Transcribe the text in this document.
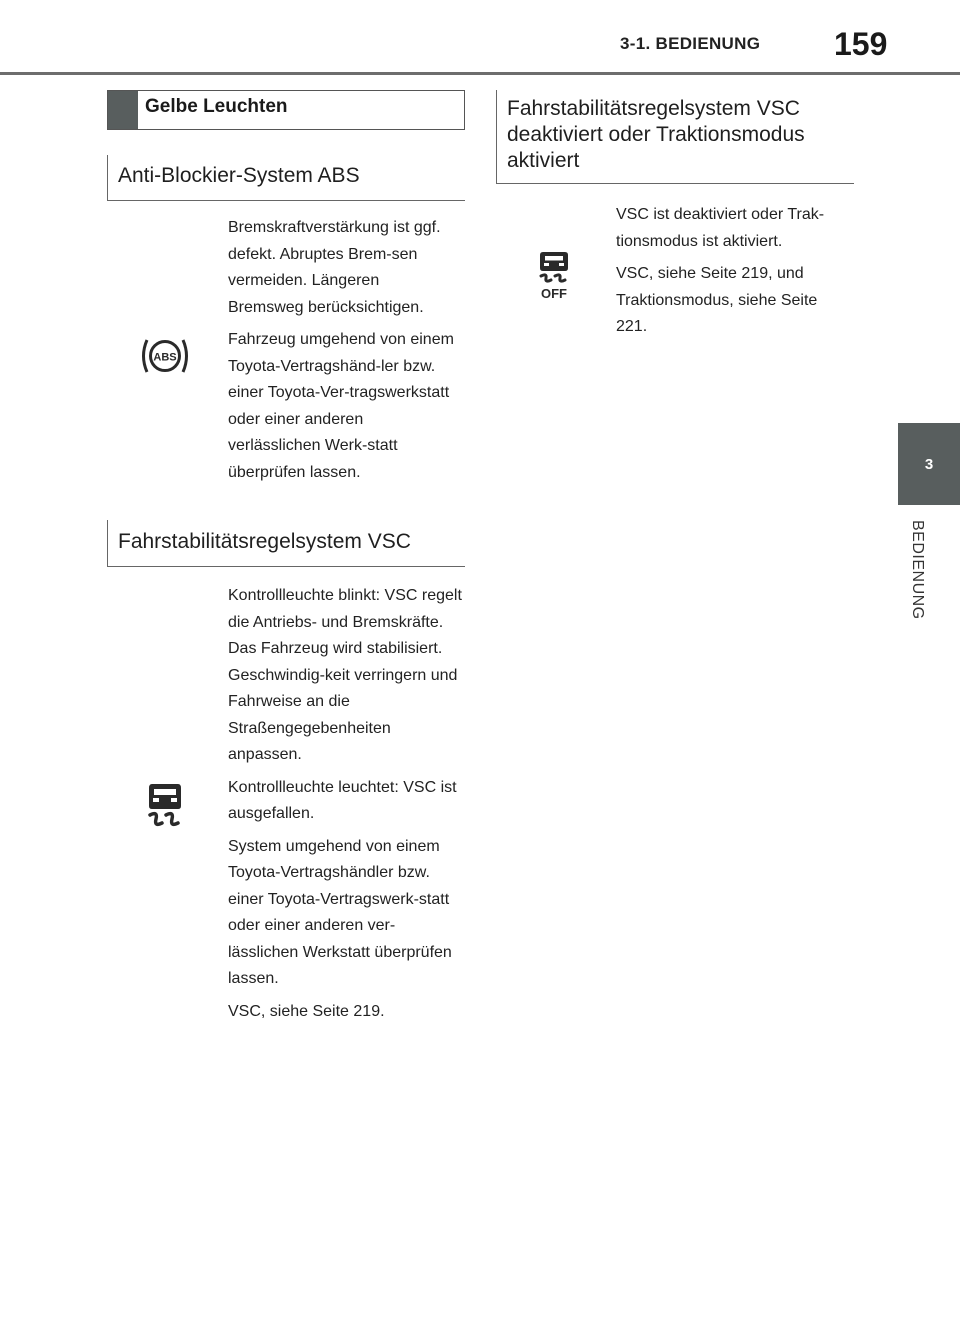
3-1. BEDIENUNG 159
3
BEDIENUNG
Gelbe Leuchten
Anti-Blockier-System ABS
ABS

Bremskraftverstärkung ist ggf. defekt. Abruptes Brem-sen vermeiden. Längeren Bremsweg berücksichtigen.

Fahrzeug umgehend von einem Toyota-Vertragshänd-ler bzw. einer Toyota-Ver-tragswerkstatt oder einer anderen verlässlichen Werk-statt überprüfen lassen.

Fahrstabilitätsregelsystem VSC

Kontrollleuchte blinkt: VSC regelt die Antriebs- und Bremskräfte. Das Fahrzeug wird stabilisiert. Geschwindig-keit verringern und Fahrweise an die Straßengegebenheiten anpassen.

Kontrollleuchte leuchtet: VSC ist ausgefallen.

System umgehend von einem Toyota-Vertragshändler bzw. einer Toyota-Vertragswerk-statt oder einer anderen ver-lässlichen Werkstatt überprüfen lassen.

VSC, siehe Seite 219.

Fahrstabilitätsregelsystem VSC deaktiviert oder Traktionsmodus aktiviert
OFF

VSC ist deaktiviert oder Trak-tionsmodus ist aktiviert.

VSC, siehe Seite 219, und Traktionsmodus, siehe Seite 221.
